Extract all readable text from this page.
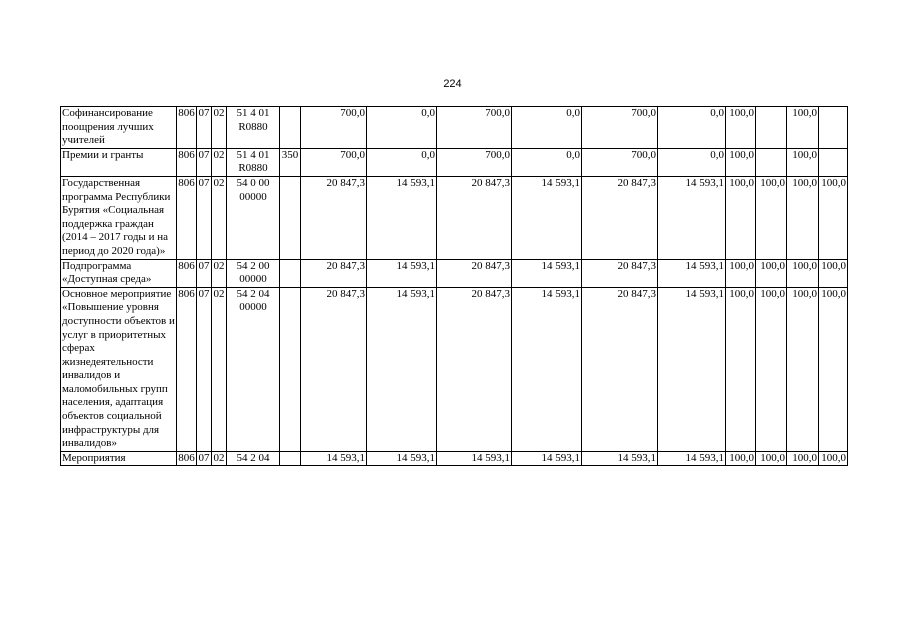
224
Софинансирование поощрения лучших учителей	806	07	02	51 4 01 R0880		700,0	0,0	700,0	0,0	700,0	0,0	100,0		100,0	
Премии и гранты	806	07	02	51 4 01 R0880	350	700,0	0,0	700,0	0,0	700,0	0,0	100,0		100,0	
Государственная программа Республики Бурятия «Социальная поддержка граждан (2014 – 2017 годы и на период до 2020 года)»	806	07	02	54 0 00 00000		20 847,3	14 593,1	20 847,3	14 593,1	20 847,3	14 593,1	100,0	100,0	100,0	100,0
Подпрограмма «Доступная среда»	806	07	02	54 2 00 00000		20 847,3	14 593,1	20 847,3	14 593,1	20 847,3	14 593,1	100,0	100,0	100,0	100,0
Основное мероприятие «Повышение уровня доступности объектов и услуг в приоритетных сферах жизнедеятельности инвалидов и маломобильных групп населения, адаптация объектов социальной инфраструктуры для инвалидов»	806	07	02	54 2 04 00000		20 847,3	14 593,1	20 847,3	14 593,1	20 847,3	14 593,1	100,0	100,0	100,0	100,0
Мероприятия	806	07	02	54 2 04		14 593,1	14 593,1	14 593,1	14 593,1	14 593,1	14 593,1	100,0	100,0	100,0	100,0
